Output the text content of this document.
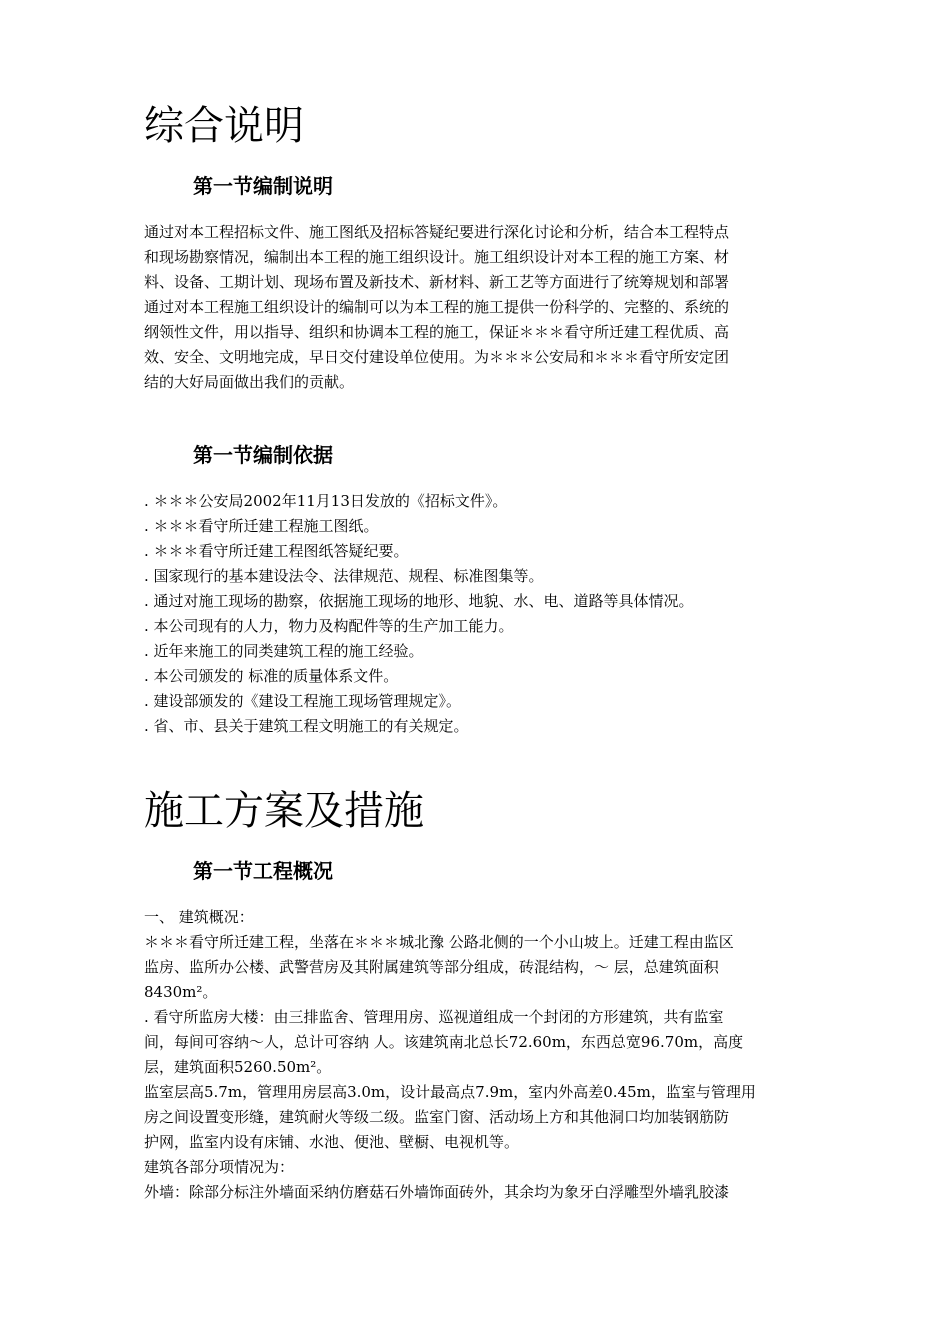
综合说明
第一节编制说明
通过对本工程招标文件、施工图纸及招标答疑纪要进行深化讨论和分析，结合本工程特点
和现场勘察情况，编制出本工程的施工组织设计。施工组织设计对本工程的施工方案、材
料、设备、工期计划、现场布置及新技术、新材料、新工艺等方面进行了统筹规划和部署
通过对本工程施工组织设计的编制可以为本工程的施工提供一份科学的、完整的、系统的
纲领性文件，用以指导、组织和协调本工程的施工，保证＊＊＊看守所迁建工程优质、高
效、安全、文明地完成，早日交付建设单位使用。为＊＊＊公安局和＊＊＊看守所安定团
结的大好局面做出我们的贡献。
第一节编制依据
. ＊＊＊公安局2002年11月13日发放的《招标文件》。
. ＊＊＊看守所迁建工程施工图纸。
. ＊＊＊看守所迁建工程图纸答疑纪要。
. 国家现行的基本建设法令、法律规范、规程、标准图集等。
. 通过对施工现场的勘察，依据施工现场的地形、地貌、水、电、道路等具体情况。
. 本公司现有的人力，物力及构配件等的生产加工能力。
. 近年来施工的同类建筑工程的施工经验。
. 本公司颁发的 标准的质量体系文件。
. 建设部颁发的《建设工程施工现场管理规定》。
. 省、市、县关于建筑工程文明施工的有关规定。
施工方案及措施
第一节工程概况
一、 建筑概况：
＊＊＊看守所迁建工程，坐落在＊＊＊城北豫 公路北侧的一个小山坡上。迁建工程由监区
监房、监所办公楼、武警营房及其附属建筑等部分组成，砖混结构，～ 层，总建筑面积
8430m²。
. 看守所监房大楼：由三排监舍、管理用房、巡视道组成一个封闭的方形建筑，共有监室
间，每间可容纳～人，总计可容纳 人。该建筑南北总长72.60m，东西总宽96.70m，高度
层，建筑面积5260.50m²。
监室层高5.7m，管理用房层高3.0m，设计最高点7.9m，室内外高差0.45m，监室与管理用
房之间设置变形缝，建筑耐火等级二级。监室门窗、活动场上方和其他洞口均加装钢筋防
护网，监室内设有床铺、水池、便池、壁橱、电视机等。
建筑各部分项情况为：
外墙：除部分标注外墙面采纳仿磨菇石外墙饰面砖外，其余均为象牙白浮雕型外墙乳胶漆
